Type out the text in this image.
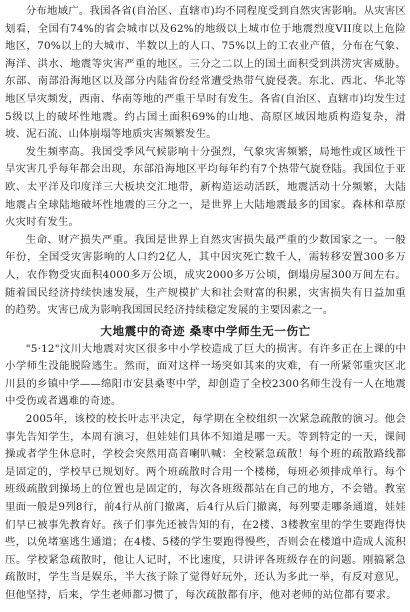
分布地域广。我国各省(自治区、直辖市)均不同程度受到自然灾害影响。从灾害区划看，全国有74%的省会城市以及62%的地级以上城市位于地震烈度VII度以上危险地区，70%以上的大城市、半数以上的人口、75%以上的工农业产值，分布在气象、海洋、洪水、地震等灾害严重的地区。三分之二以上的国土面积受到洪涝灾害威胁。东部、南部沿海地区以及部分内陆省份经常遭受热带气旋侵袭。东北、西北、华北等地区旱灾频发，西南、华南等地的严重干旱时有发生。各省(自治区、直辖市)均发生过5级以上的破坏性地震。约占国土面积69%的山地、高原区域因地质构造复杂，滑坡、泥石流、山体崩塌等地质灾害频繁发生。

发生频率高。我国受季风气候影响十分强烈，气象灾害频繁，局地性或区域性干旱灾害几乎每年都会出现，东部沿海地区平均每年约有7个热带气旋登陆。我国位于亚欧、太平洋及印度洋三大板块交汇地带，新构造运动活跃，地震活动十分频繁，大陆地震占全球陆地破坏性地震的三分之一，是世界上大陆地震最多的国家。森林和草原火灾时有发生。

生命、财产损失严重。我国是世界上自然灾害损失最严重的少数国家之一。一般年份，全国受灾害影响的人口约2亿人，其中因灾死亡数千人，需转移安置300多万人，农作物受灾面积4000多万公顷，成灾2000多万公顷，倒塌房屋300万间左右。随着国民经济持续快速发展，生产规模扩大和社会财富的积累，灾害损失有日益加重的趋势。灾害已成为影响我国国民经济持续稳定发展的主要因素之一。

大地震中的奇迹 桑枣中学师生无一伤亡

"5·12"汶川大地震对灾区很多中小学校造成了巨大的损害。有许多正在上课的中小学师生没能脱险逃生。然而，面对这样一场突如其来的灾难，有一所紧邻重灾区北川县的乡镇中学——绵阳市安县桑枣中学，却创造了全校2300名师生没有一人在地震中受伤或者遇难的奇迹。

2005年，该校的校长叶志平决定，每学期在全校组织一次紧急疏散的演习。他会事先告知学生，本周有演习，但娃娃们具体不知道是哪一天。等到特定的一天，课间操或者学生休息时，学校会突然用高音喇叭喊：全校紧急疏散！每个班的疏散路线都是固定的，学校早已规划好。两个班疏散时合用一个楼梯，每班必须排成单行。每个班级疏散到操场上的位置也是固定的，每次各班级都站在自己的地方，不会错。教室里面一般是9列8行，前4行从前门撤离，后4行从后门撤离，每列要走哪条通道，娃娃们早已被事先教育好。孩子们事先还被告知的有，在2楼、3楼教室里的学生要跑得快些，以免堵塞逃生通道；在4楼、5楼的学生要跑得慢些，否则会在楼道中造成人流积压。学校紧急疏散时，他让人记时，不比速度，只讲评各班级存在的问题。刚搞紧急疏散时，学生当是娱乐，半大孩子除了觉得好玩外，还认为多此一举，有反对意见，但他坚持，后来，学生老师都习惯了，每次疏散都有序，他对老师的站位都有要求。
